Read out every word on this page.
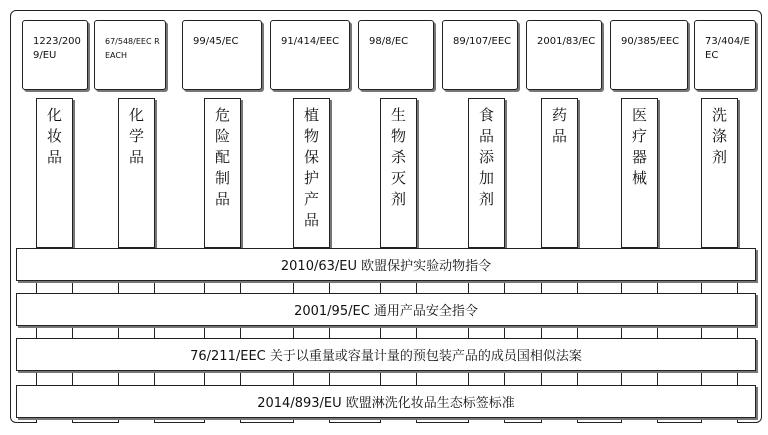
1223/2009/EU
67/548/EEC REACH
99/45/EC	91/414/EEC	98/8/EC	89/107/EEC	2001/83/EC	90/385/EEC	73/404/EEC
化妆品
化学品
危险配制品
植物保护产品
生物杀灭剂
食品添加剂
药品
医疗器械
洗涤剂
2010/63/EU 欧盟保护实验动物指令
2001/95/EC 通用产品安全指令
76/211/EEC 关于以重量或容量计量的预包装产品的成员国相似法案
2014/893/EU 欧盟淋洗化妆品生态标签标准
